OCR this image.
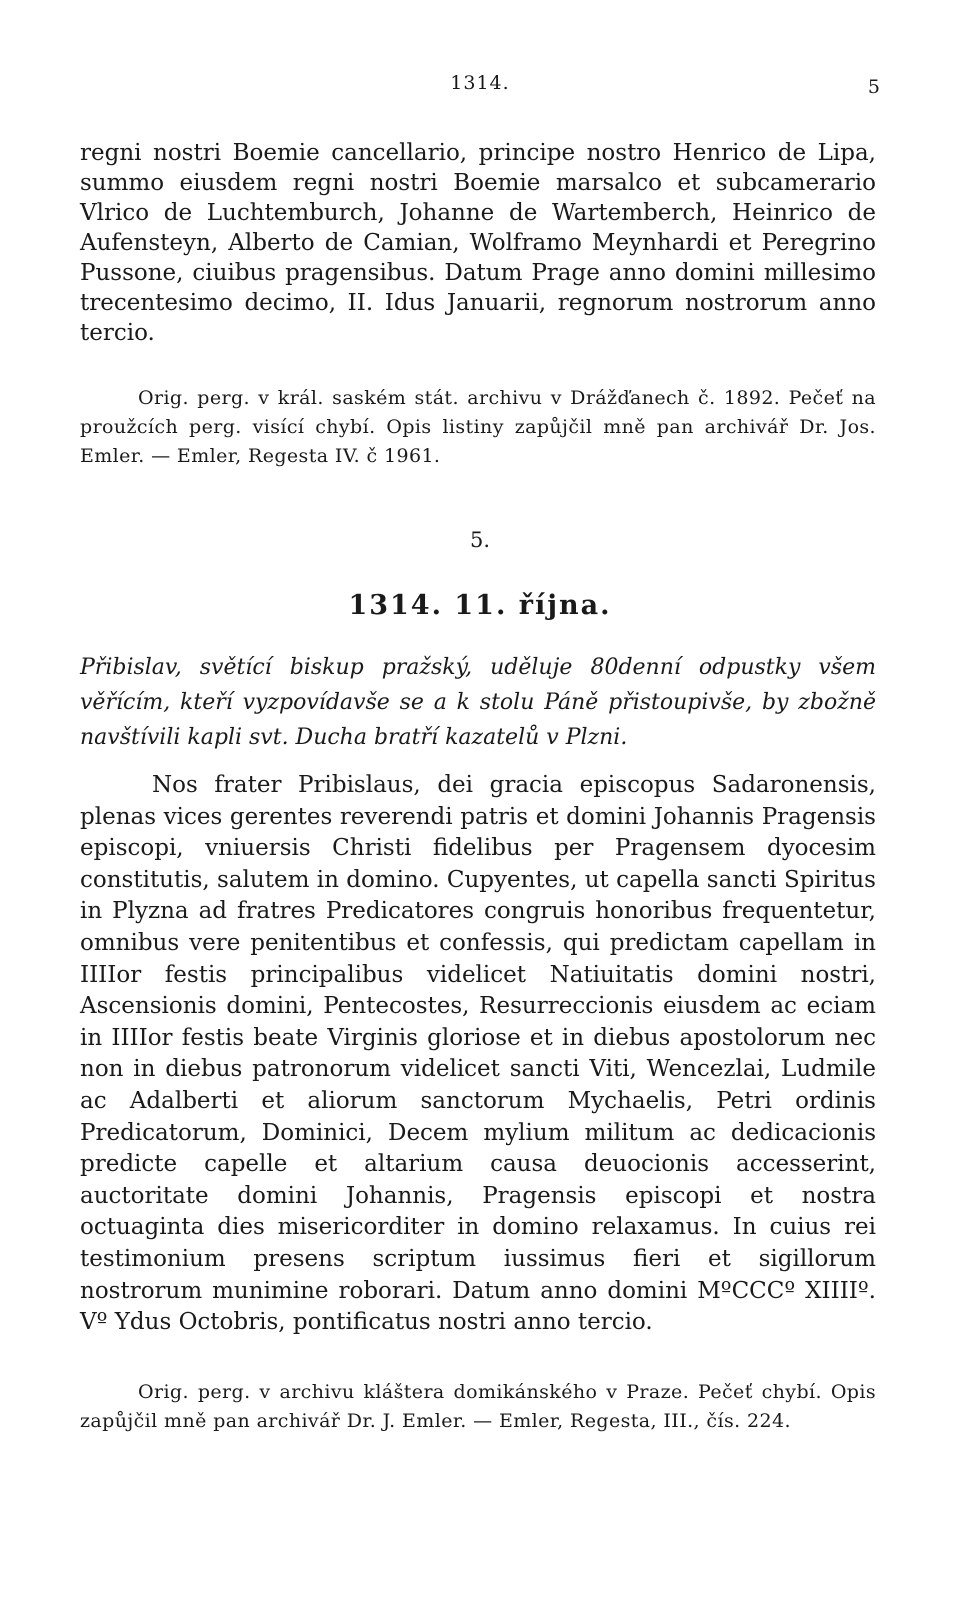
1314.	5

regni nostri Boemie cancellario, principe nostro Henrico de Lipa, summo eiusdem regni nostri Boemie marsalco et subcamerario Vlrico de Luchtemburch, Johanne de Wartemberch, Heinrico de Aufensteyn, Alberto de Camian, Wolframo Meynhardi et Peregrino Pussone, ciuibus pragensibus. Datum Prage anno domini millesimo trecentesimo decimo, II. Idus Januarii, regnorum nostrorum anno tercio.

Orig. perg. v král. saském stát. archivu v Drážďanech č. 1892. Pečeť na proužcích perg. visící chybí. Opis listiny zapůjčil mně pan archivář Dr. Jos. Emler. — Emler, Regesta IV. č 1961.

5.
1314. 11. října.

Přibislav, světící biskup pražský, uděluje 80denní odpustky všem věřícím, kteří vyzpovídavše se a k stolu Páně přistoupivše, by zbožně navštívili kapli svt. Ducha bratří kazatelů v Plzni.

Nos frater Pribislaus, dei gracia episcopus Sadaronensis, plenas vices gerentes reverendi patris et domini Johannis Pragensis episcopi, vniuersis Christi fidelibus per Pragensem dyocesim constitutis, salutem in domino. Cupyentes, ut capella sancti Spiritus in Plyzna ad fratres Predicatores congruis honoribus frequentetur, omnibus vere penitentibus et confessis, qui predictam capellam in IIIIor festis principalibus videlicet Natiuitatis domini nostri, Ascensionis domini, Pentecostes, Resurreccionis eiusdem ac eciam in IIIIor festis beate Virginis gloriose et in diebus apostolorum nec non in diebus patronorum videlicet sancti Viti, Wencezlai, Ludmile ac Adalberti et aliorum sanctorum Mychaelis, Petri ordinis Predicatorum, Dominici, Decem mylium militum ac dedicacionis predicte capelle et altarium causa deuocionis accesserint, auctoritate domini Johannis, Pragensis episcopi et nostra octuaginta dies misericorditer in domino relaxamus. In cuius rei testimonium presens scriptum iussimus fieri et sigillorum nostrorum munimine roborari. Datum anno domini MºCCCº XIIIIº. Vº Ydus Octobris, pontificatus nostri anno tercio.

Orig. perg. v archivu kláštera domikánského v Praze. Pečeť chybí. Opis zapůjčil mně pan archivář Dr. J. Emler. — Emler, Regesta, III., čís. 224.
